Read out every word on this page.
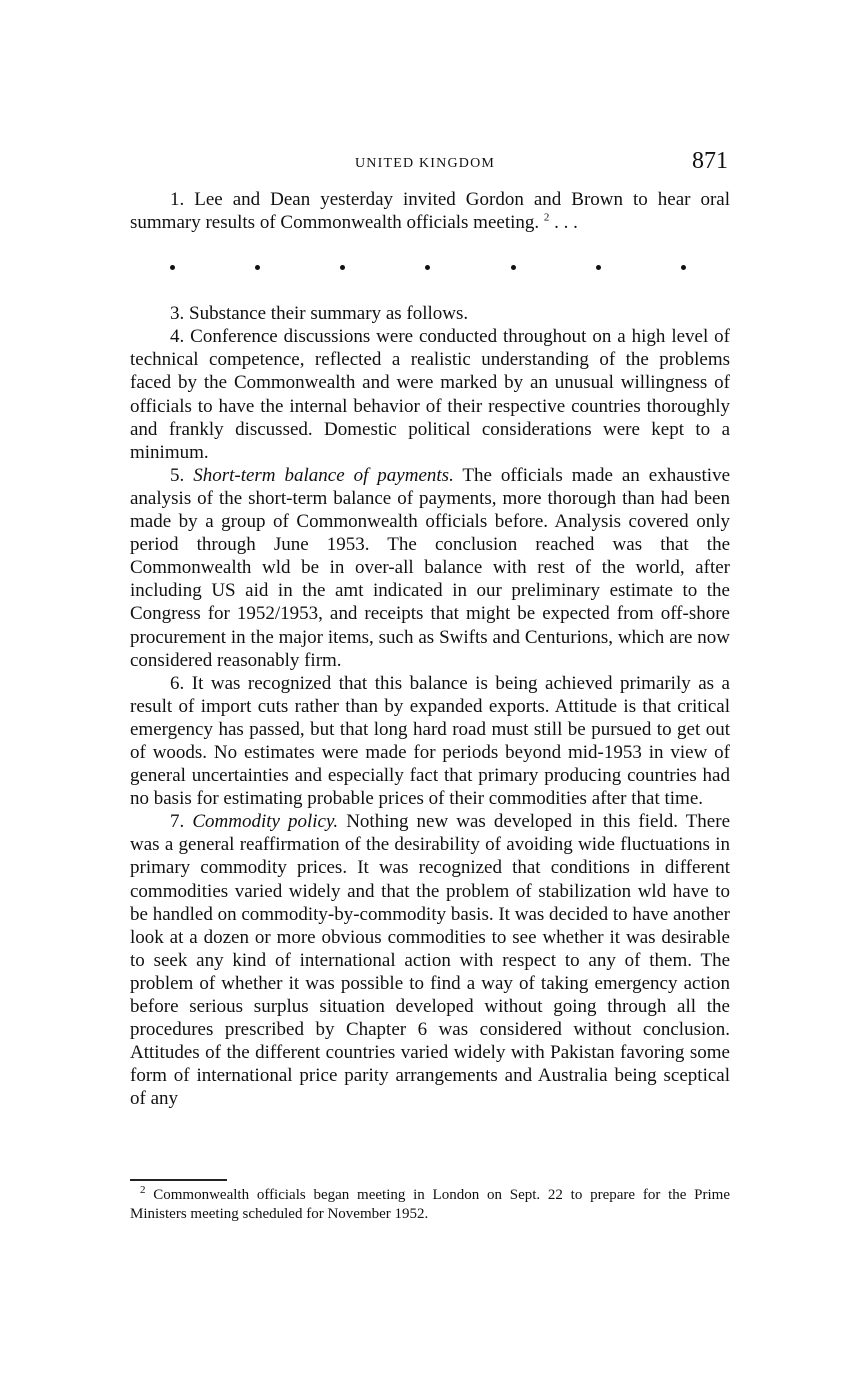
UNITED KINGDOM	871

1. Lee and Dean yesterday invited Gordon and Brown to hear oral summary results of Commonwealth officials meeting. $^2$ . . .

3. Substance their summary as follows.

4. Conference discussions were conducted throughout on a high level of technical competence, reflected a realistic understanding of the problems faced by the Commonwealth and were marked by an unusual willingness of officials to have the internal behavior of their respective countries thoroughly and frankly discussed. Domestic political considerations were kept to a minimum.

5. Short-term balance of payments. The officials made an exhaustive analysis of the short-term balance of payments, more thorough than had been made by a group of Commonwealth officials before. Analysis covered only period through June 1953. The conclusion reached was that the Commonwealth wld be in over-all balance with rest of the world, after including US aid in the amt indicated in our preliminary estimate to the Congress for 1952/1953, and receipts that might be expected from off-shore procurement in the major items, such as Swifts and Centurions, which are now considered reasonably firm.

6. It was recognized that this balance is being achieved primarily as a result of import cuts rather than by expanded exports. Attitude is that critical emergency has passed, but that long hard road must still be pursued to get out of woods. No estimates were made for periods beyond mid-1953 in view of general uncertainties and especially fact that primary producing countries had no basis for estimating probable prices of their commodities after that time.

7. Commodity policy. Nothing new was developed in this field. There was a general reaffirmation of the desirability of avoiding wide fluctuations in primary commodity prices. It was recognized that conditions in different commodities varied widely and that the problem of stabilization wld have to be handled on commodity-by-commodity basis. It was decided to have another look at a dozen or more obvious commodities to see whether it was desirable to seek any kind of international action with respect to any of them. The problem of whether it was possible to find a way of taking emergency action before serious surplus situation developed without going through all the procedures prescribed by Chapter 6 was considered without conclusion. Attitudes of the different countries varied widely with Pakistan favoring some form of international price parity arrangements and Australia being sceptical of any

$^2$ Commonwealth officials began meeting in London on Sept. 22 to prepare for the Prime Ministers meeting scheduled for November 1952.
